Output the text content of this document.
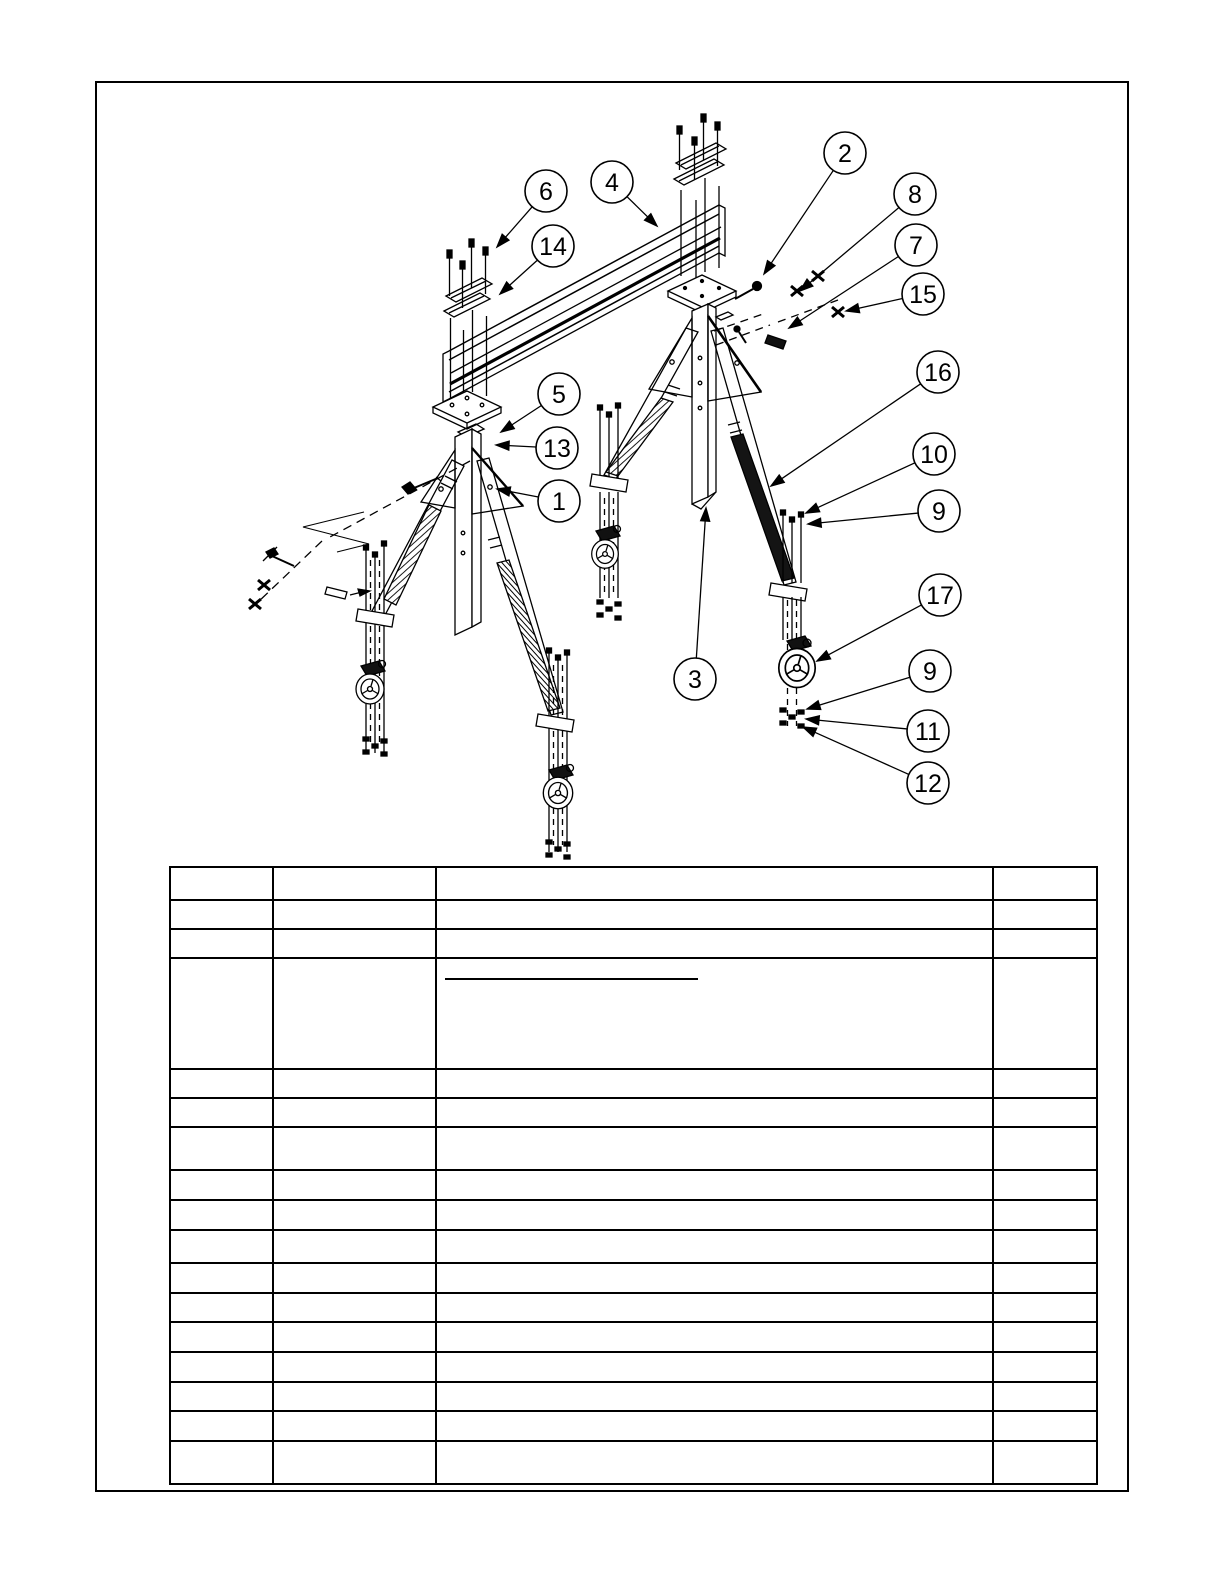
6 4
14
2
8
7
15
5
13
1
16
10
9
17
3	9
11
12
